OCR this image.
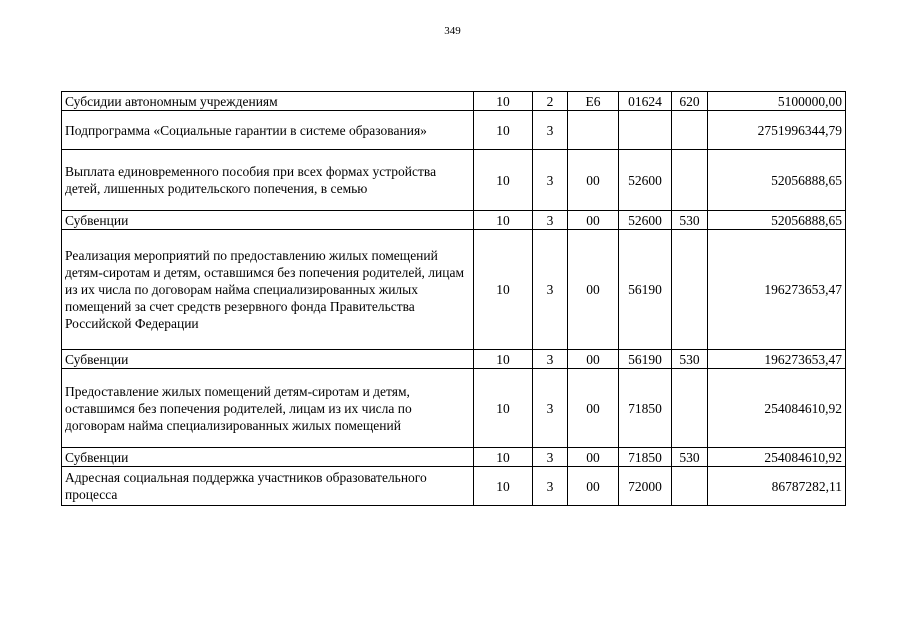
349
Субсидии автономным учреждениям	10	2	Е6	01624	620	5100000,00
Подпрограмма «Социальные гарантии в системе образования»	10	3				2751996344,79
Выплата единовременного пособия при всех формах устройства детей, лишенных родительского попечения, в семью	10	3	00	52600		52056888,65
Субвенции	10	3	00	52600	530	52056888,65
Реализация мероприятий по предоставлению жилых помещений детям-сиротам и детям, оставшимся без попечения родителей, лицам из их числа по договорам найма специализированных жилых помещений за счет средств резервного фонда Правительства Российской Федерации	10	3	00	56190		196273653,47
Субвенции	10	3	00	56190	530	196273653,47
Предоставление жилых помещений детям-сиротам и детям, оставшимся без попечения родителей, лицам из их числа по договорам найма специализированных жилых помещений	10	3	00	71850		254084610,92
Субвенции	10	3	00	71850	530	254084610,92
Адресная социальная поддержка участников образовательного процесса	10	3	00	72000		86787282,11
